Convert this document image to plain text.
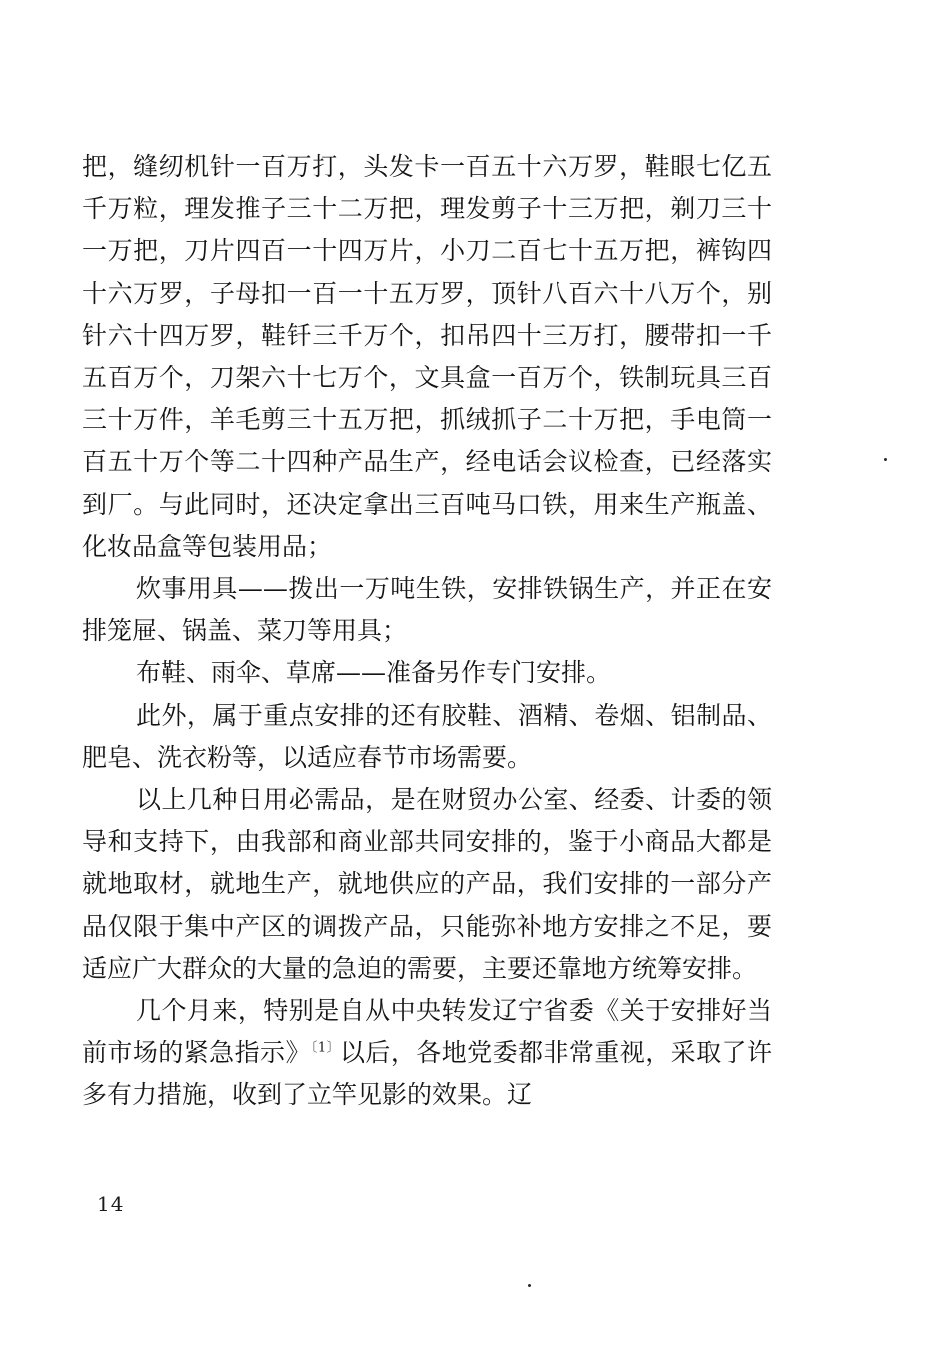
把，缝纫机针一百万打，头发卡一百五十六万罗，鞋眼七亿五千万粒，理发推子三十二万把，理发剪子十三万把，剃刀三十一万把，刀片四百一十四万片，小刀二百七十五万把，裤钩四十六万罗，子母扣一百一十五万罗，顶针八百六十八万个，别针六十四万罗，鞋钎三千万个，扣吊四十三万打，腰带扣一千五百万个，刀架六十七万个，文具盒一百万个，铁制玩具三百三十万件，羊毛剪三十五万把，抓绒抓子二十万把，手电筒一百五十万个等二十四种产品生产，经电话会议检查，已经落实到厂。与此同时，还决定拿出三百吨马口铁，用来生产瓶盖、化妆品盒等包装用品；

炊事用具——拨出一万吨生铁，安排铁锅生产，并正在安排笼屉、锅盖、菜刀等用具；

布鞋、雨伞、草席——准备另作专门安排。

此外，属于重点安排的还有胶鞋、酒精、卷烟、铝制品、肥皂、洗衣粉等，以适应春节市场需要。

以上几种日用必需品，是在财贸办公室、经委、计委的领导和支持下，由我部和商业部共同安排的，鉴于小商品大都是就地取材，就地生产，就地供应的产品，我们安排的一部分产品仅限于集中产区的调拨产品，只能弥补地方安排之不足，要适应广大群众的大量的急迫的需要，主要还靠地方统筹安排。

几个月来，特别是自从中央转发辽宁省委《关于安排好当前市场的紧急指示》$^{〔1〕}$以后，各地党委都非常重视，采取了许多有力措施，收到了立竿见影的效果。辽

14
